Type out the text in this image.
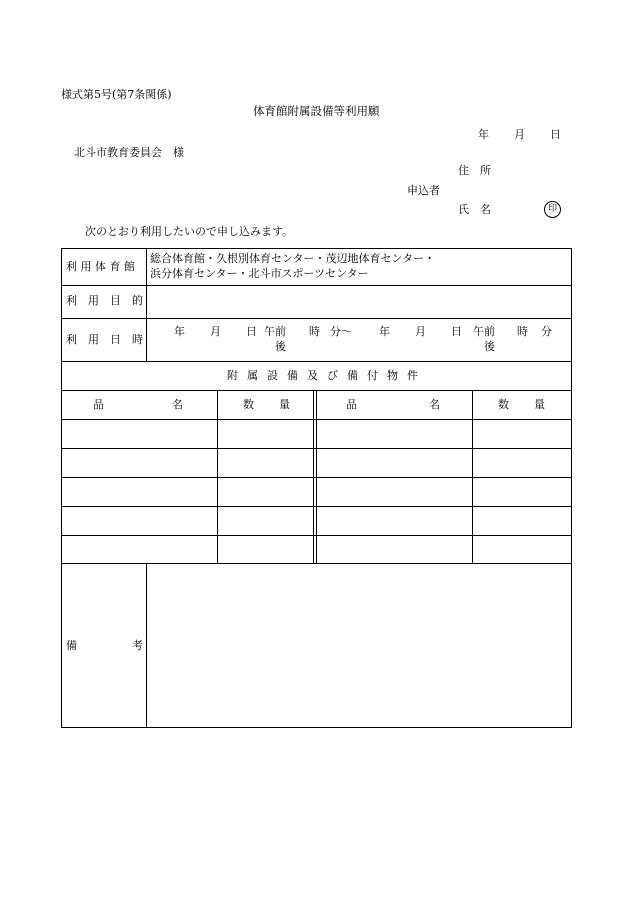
様式第5号(第7条関係)
体育館附属設備等利用願
年 月 日
北斗市教育委員会　様
住　所
申込者
氏　名	印
次のとおり利用したいので申し込みます。
利用体育館
総合体育館・久根別体育センター・茂辺地体育センター・
浜分体育センター・北斗市スポーツセンター
利用目的
利用日時
年 月 日 午前
後
時 分〜 年 月 日 午前
後
時 分
附属設備及び備付物件
品名
数量	品名
数量
備考
